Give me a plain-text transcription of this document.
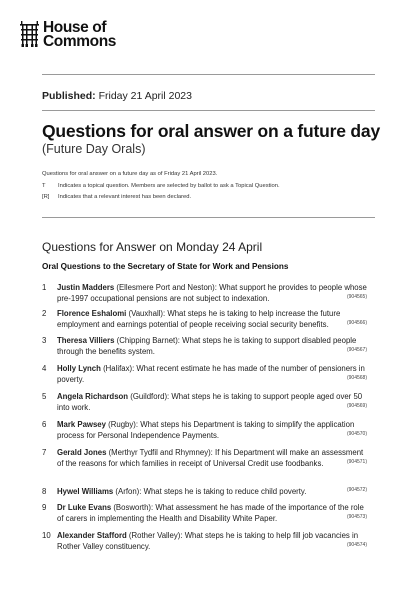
House of
Commons
Published: Friday 21 April 2023
Questions for oral answer on a future day
(Future Day Orals)
Questions for oral answer on a future day as of Friday 21 April 2023.
T Indicates a topical question. Members are selected by ballot to ask a Topical Question.
[R] Indicates that a relevant interest has been declared.
Questions for Answer on Monday 24 April
Oral Questions to the Secretary of State for Work and Pensions
1	Justin Madders (Ellesmere Port and Neston): What support he provides to people whose pre-1997 occupational pensions are not subject to indexation.	(904565)
2	Florence Eshalomi (Vauxhall): What steps he is taking to help increase the future employment and earnings potential of people receiving social security benefits.	(904566)
3	Theresa Villiers (Chipping Barnet): What steps he is taking to support disabled people through the benefits system.	(904567)
4	Holly Lynch (Halifax): What recent estimate he has made of the number of pensioners in poverty.	(904568)
5	Angela Richardson (Guildford): What steps he is taking to support people aged over 50 into work.	(904569)
6	Mark Pawsey (Rugby): What steps his Department is taking to simplify the application process for Personal Independence Payments.	(904570)
7	Gerald Jones (Merthyr Tydfil and Rhymney): If his Department will make an assessment of the reasons for which families in receipt of Universal Credit use foodbanks.	(904571)
8	Hywel Williams (Arfon): What steps he is taking to reduce child poverty.	(904572)
9	Dr Luke Evans (Bosworth): What assessment he has made of the importance of the role of carers in implementing the Health and Disability White Paper.	(904573)
10 Alexander Stafford (Rother Valley): What steps he is taking to help fill job vacancies in Rother Valley constituency.	(904574)
